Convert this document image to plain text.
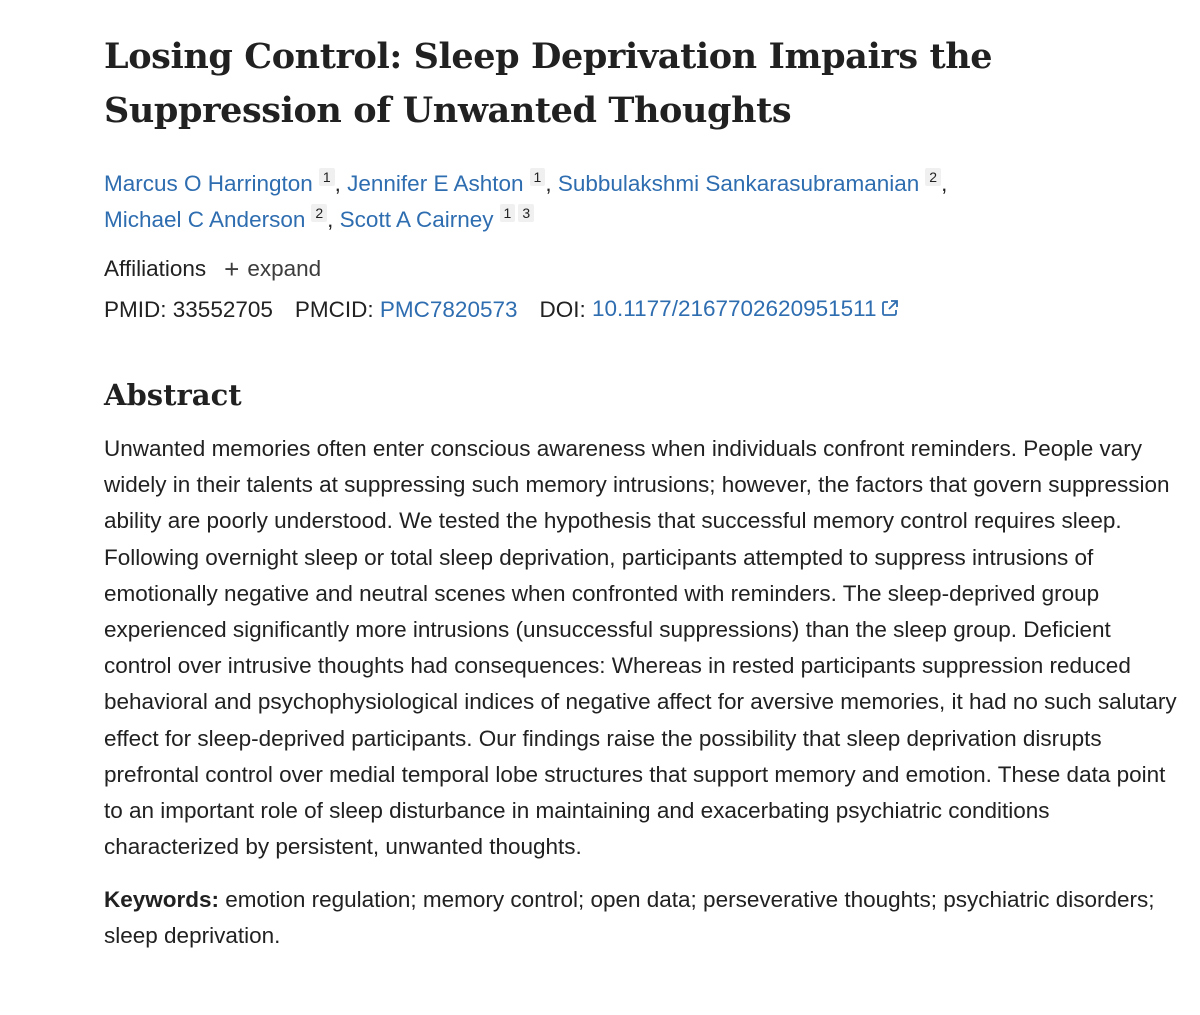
Losing Control: Sleep Deprivation Impairs the Suppression of Unwanted Thoughts
Marcus O Harrington 1 , Jennifer E Ashton 1 , Subbulakshmi Sankarasubramanian 2 ,
Michael C Anderson 2 , Scott A Cairney 1 3
Affiliations + expand
PMID:
33552705 PMCID:
PMC7820573 DOI:
10.1177/2167702620951511
Abstract
Unwanted memories often enter conscious awareness when individuals confront reminders. People vary widely in their talents at suppressing such memory intrusions; however, the factors that govern suppression ability are poorly understood. We tested the hypothesis that successful memory control requires sleep. Following overnight sleep or total sleep deprivation, participants attempted to suppress intrusions of emotionally negative and neutral scenes when confronted with reminders. The sleep-deprived group experienced significantly more intrusions (unsuccessful suppressions) than the sleep group. Deficient control over intrusive thoughts had consequences: Whereas in rested participants suppression reduced behavioral and psychophysiological indices of negative affect for aversive memories, it had no such salutary effect for sleep-deprived participants. Our findings raise the possibility that sleep deprivation disrupts prefrontal control over medial temporal lobe structures that support memory and emotion. These data point to an important role of sleep disturbance in maintaining and exacerbating psychiatric conditions characterized by persistent, unwanted thoughts.
Keywords: emotion regulation; memory control; open data; perseverative thoughts; psychiatric disorders; sleep deprivation.
